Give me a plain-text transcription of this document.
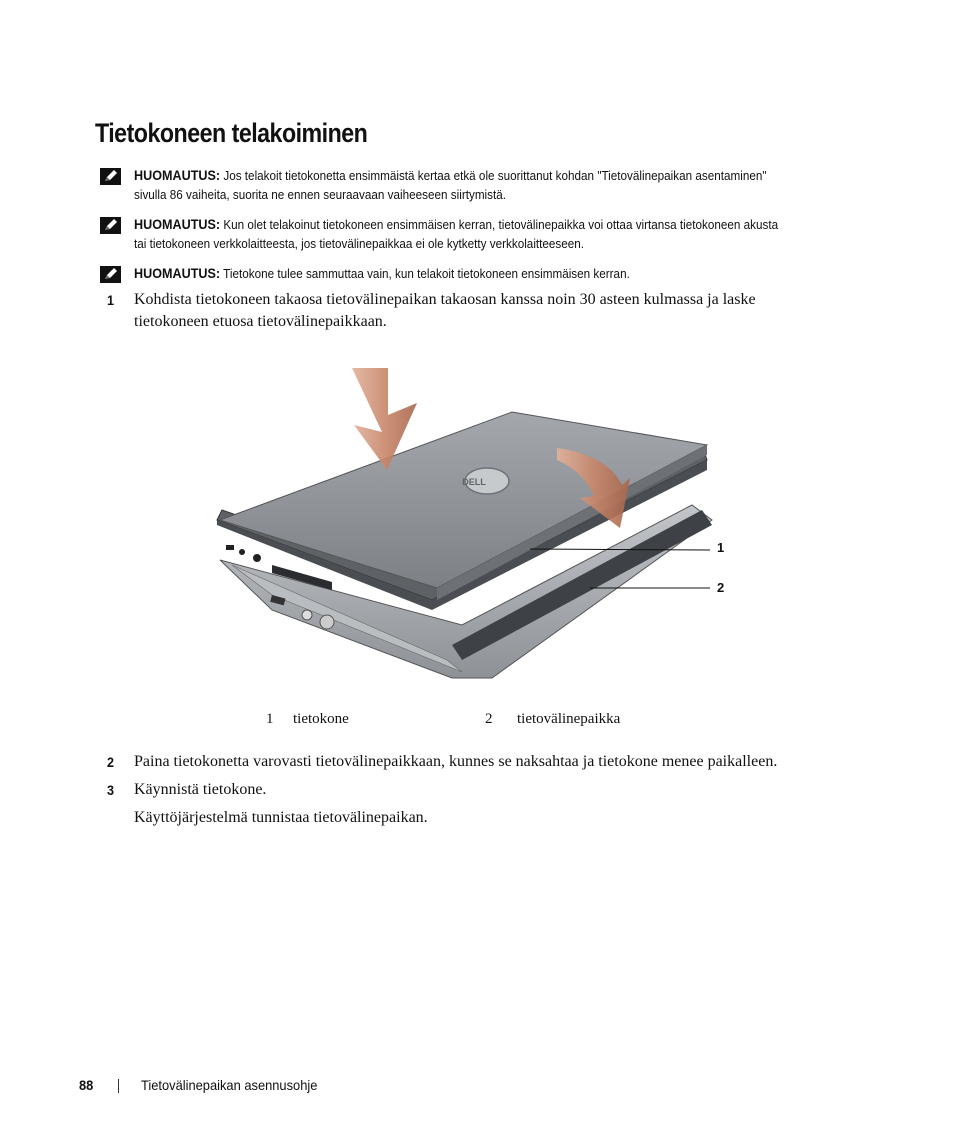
Tietokoneen telakoiminen
HUOMAUTUS: Jos telakoit tietokonetta ensimmäistä kertaa etkä ole suorittanut kohdan "Tietovälinepaikan asentaminen" sivulla 86 vaiheita, suorita ne ennen seuraavaan vaiheeseen siirtymistä.
HUOMAUTUS: Kun olet telakoinut tietokoneen ensimmäisen kerran, tietovälinepaikka voi ottaa virtansa tietokoneen akusta tai tietokoneen verkkolaitteesta, jos tietovälinepaikkaa ei ole kytketty verkkolaitteeseen.
HUOMAUTUS: Tietokone tulee sammuttaa vain, kun telakoit tietokoneen ensimmäisen kerran.
1 Kohdista tietokoneen takaosa tietovälinepaikan takaosan kanssa noin 30 asteen kulmassa ja laske tietokoneen etuosa tietovälinepaikkaan.
DELL
1
2
1 tietokone	2 tietovälinepaikka
2 Paina tietokonetta varovasti tietovälinepaikkaan, kunnes se naksahtaa ja tietokone menee paikalleen.
3 Käynnistä tietokone.
Käyttöjärjestelmä tunnistaa tietovälinepaikan.
88	Tietovälinepaikan asennusohje
